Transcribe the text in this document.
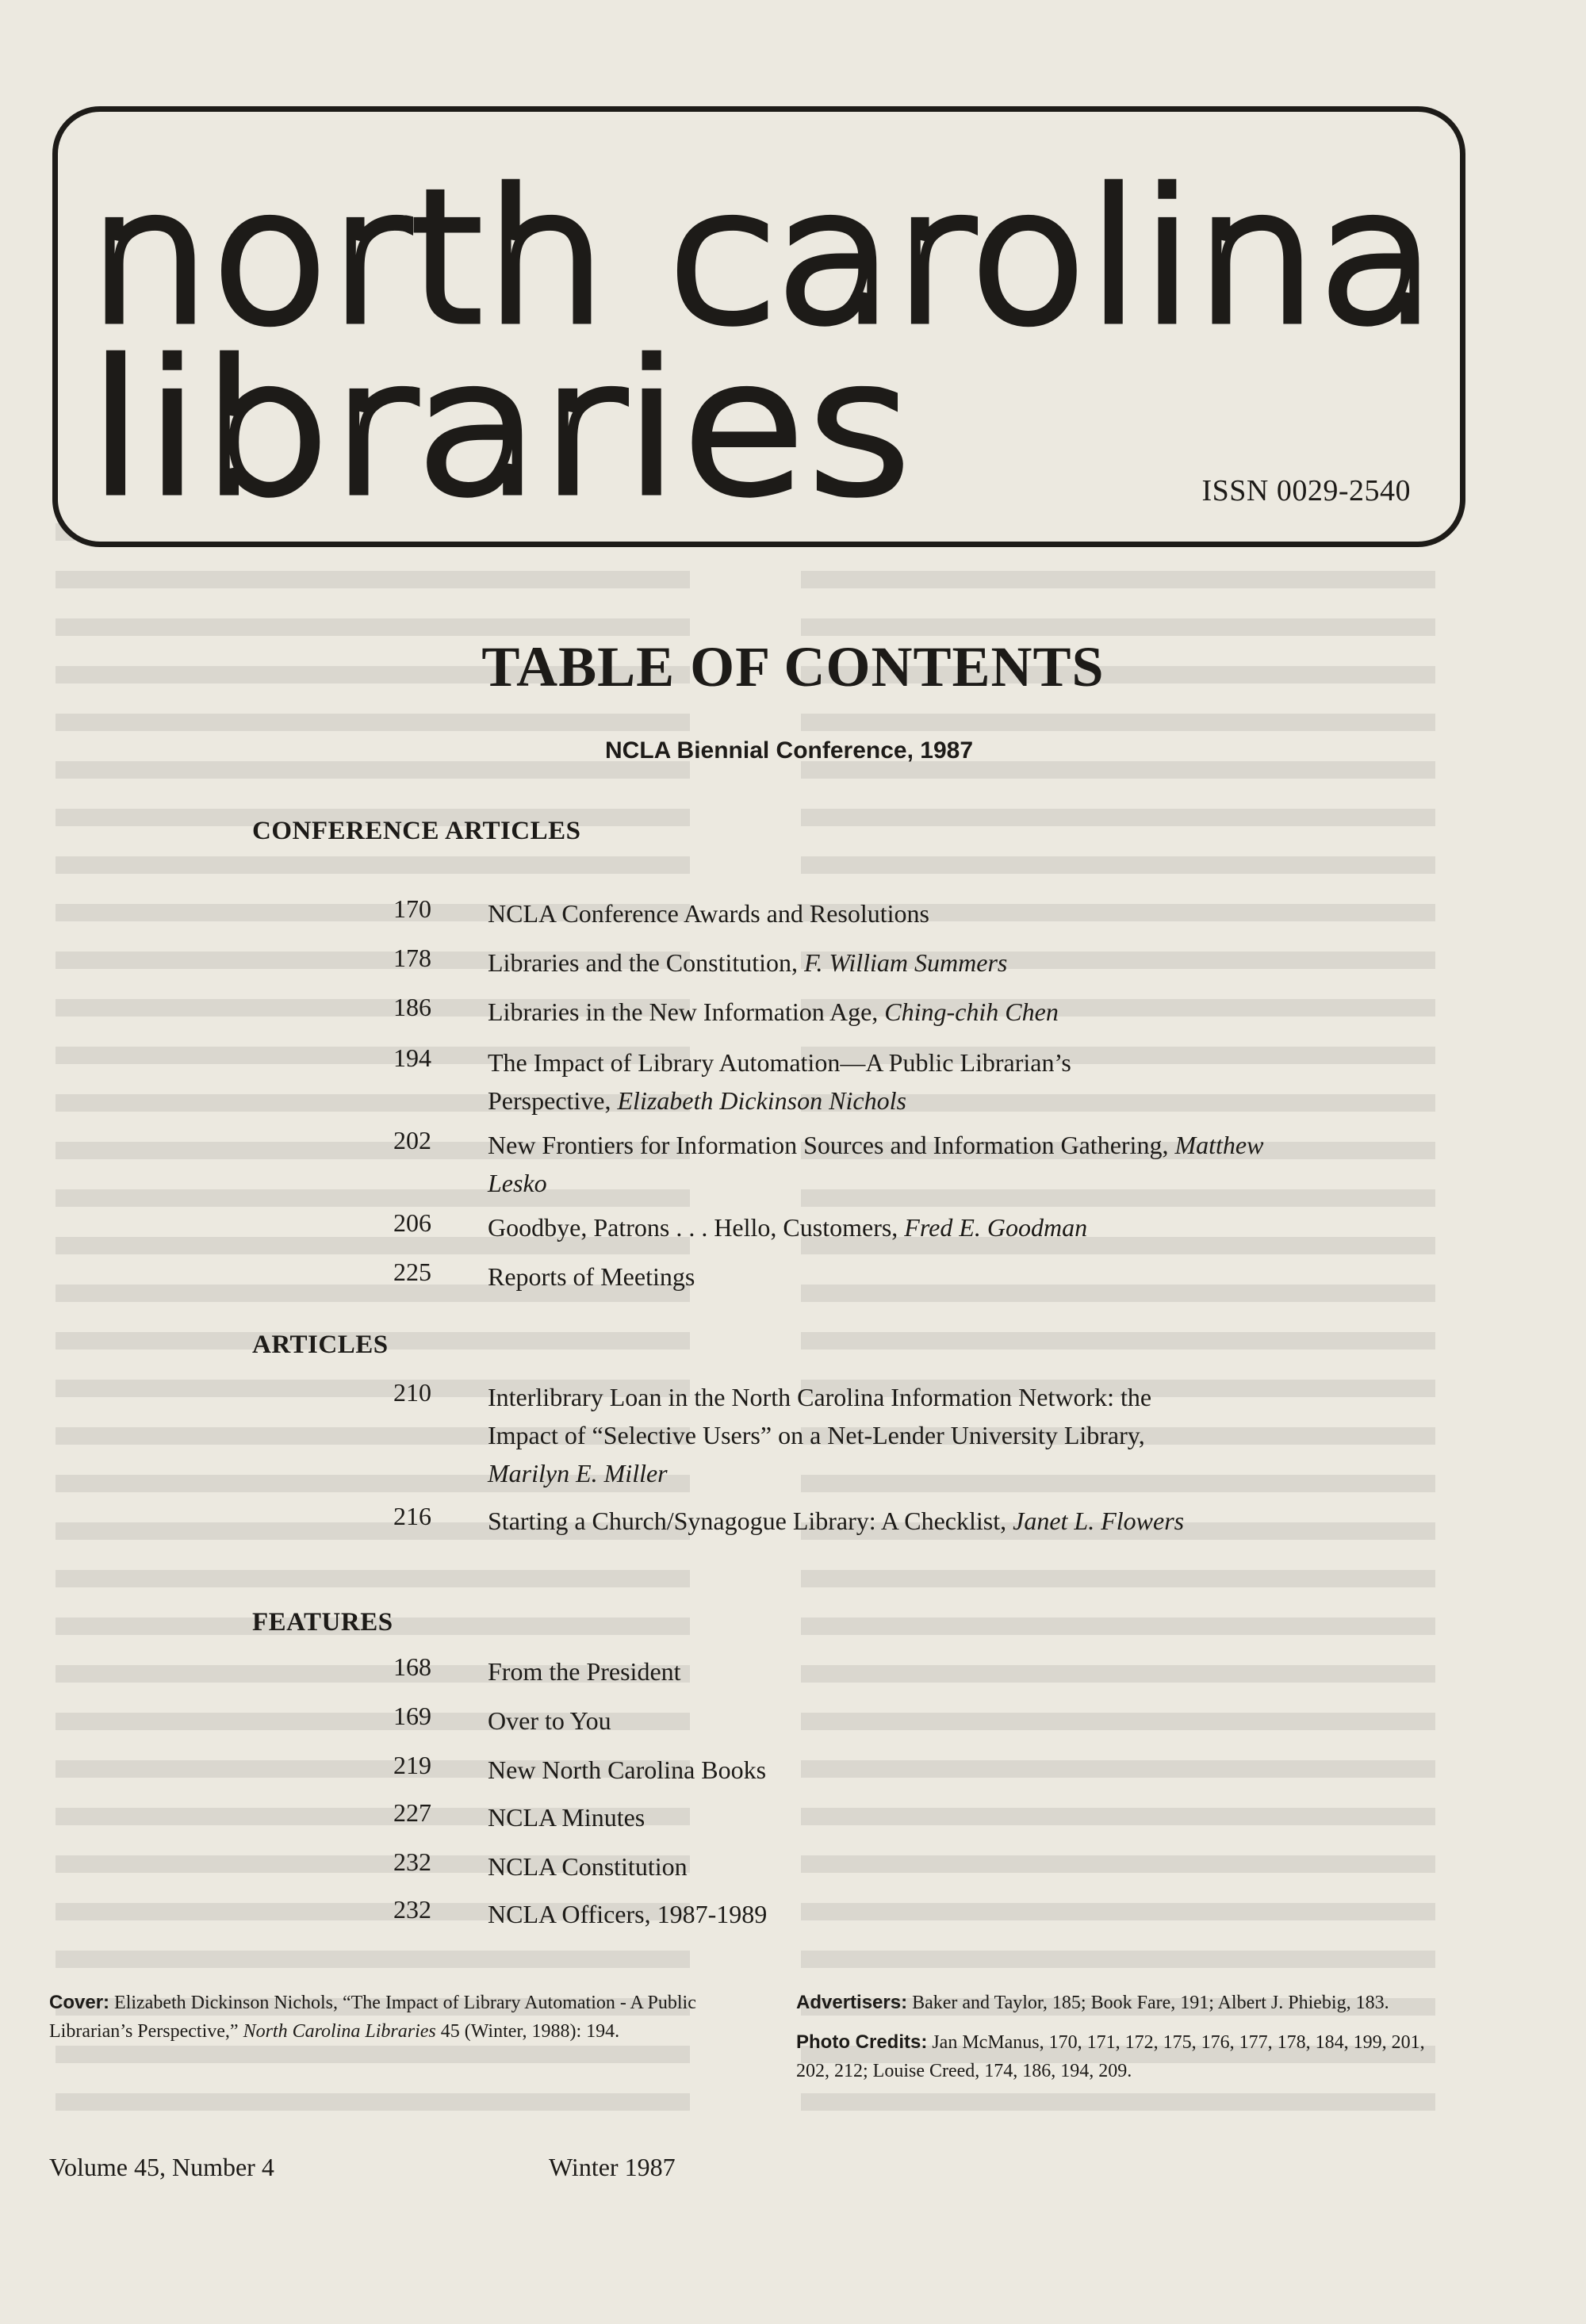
north carolina
libraries	ISSN 0029-2540
TABLE OF CONTENTS
NCLA Biennial Conference, 1987
CONFERENCE ARTICLES
170 NCLA Conference Awards and Resolutions
178 Libraries and the Constitution, F. William Summers
186 Libraries in the New Information Age, Ching-chih Chen
194 The Impact of Library Automation—A Public Librarian’s Perspective, Elizabeth Dickinson Nichols
202 New Frontiers for Information Sources and Information Gathering, Matthew Lesko
206 Goodbye, Patrons . . . Hello, Customers, Fred E. Goodman
225 Reports of Meetings
ARTICLES
210 Interlibrary Loan in the North Carolina Information Network: the Impact of “Selective Users” on a Net-Lender University Library, Marilyn E. Miller
216 Starting a Church/Synagogue Library: A Checklist, Janet L. Flowers
FEATURES
168 From the President
169 Over to You
219 New North Carolina Books
227 NCLA Minutes
232 NCLA Constitution
232 NCLA Officers, 1987-1989
Cover: Elizabeth Dickinson Nichols, “The Impact of Library Automation - A Public Librarian’s Perspective,” North Carolina Libraries 45 (Winter, 1988): 194.
Advertisers: Baker and Taylor, 185; Book Fare, 191; Albert J. Phiebig, 183.
Photo Credits: Jan McManus, 170, 171, 172, 175, 176, 177, 178, 184, 199, 201, 202, 212; Louise Creed, 174, 186, 194, 209.
Volume 45, Number 4	Winter 1987
